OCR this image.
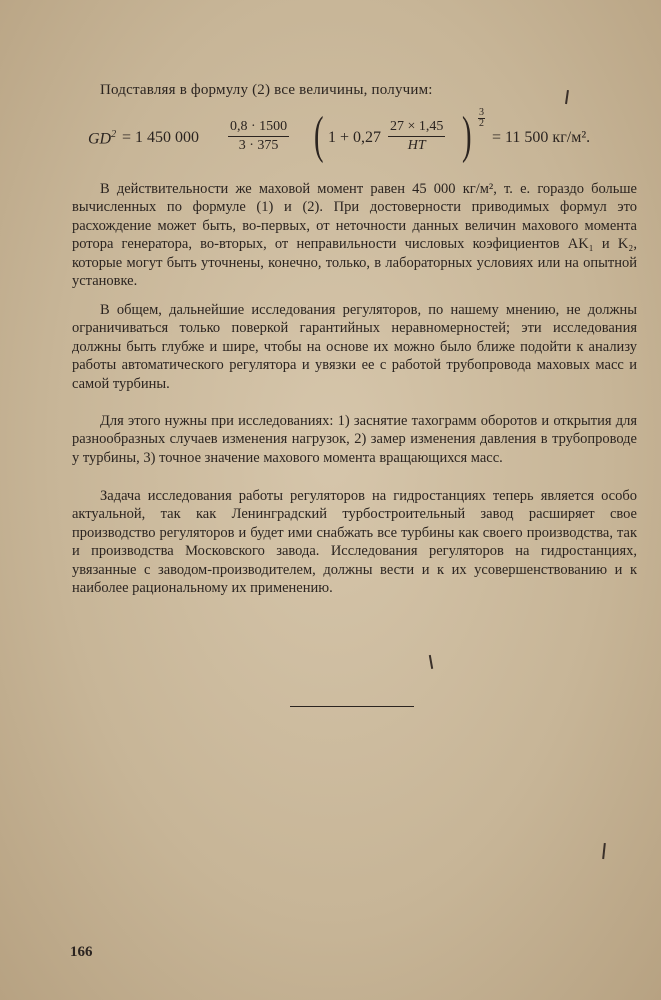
Подставляя в формулу (2) все величины, получим:
$GD^2 = 1$ 450 $000 \frac{0,8 \cdot 1500}{3 \cdot 375}$ ( $1 + 0,27 \frac{27 \times 1,45}{HT}$ ) $\frac{3}{2}$
= 11 500 кг/м².

В действительности же маховой момент равен 45 000 кг/м², т. е. гораздо больше вычисленных по формуле (1) и (2). При достоверности приводимых формул это расхождение может быть, во-первых, от неточности данных величин махового момента ротора генератора, во-вторых, от неправильности числовых коэфициентов AK₁ и K₂, которые могут быть уточнены, конечно, только, в лабораторных условиях или на опытной установке.

В общем, дальнейшие исследования регуляторов, по нашему мнению, не должны ограничиваться только поверкой гарантийных неравномерностей; эти исследования должны быть глубже и шире, чтобы на основе их можно было ближе подойти к анализу работы автоматического регулятора и увязки ее с работой трубопровода маховых масс и самой турбины.

Для этого нужны при исследованиях: 1) заснятие тахограмм оборотов и открытия для разнообразных случаев изменения нагрузок, 2) замер изменения давления в трубопроводе у турбины, 3) точное значение махового момента вращающихся масс.

Задача исследования работы регуляторов на гидростанциях теперь является особо актуальной, так как Ленинградский турбостроительный завод расширяет свое производство регуляторов и будет ими снабжать все турбины как своего производства, так и производства Московского завода. Исследования регуляторов на гидростанциях, увязанные с заводом-производителем, должны вести и к их усовершенствованию и к наиболее рациональному их применению.

166
